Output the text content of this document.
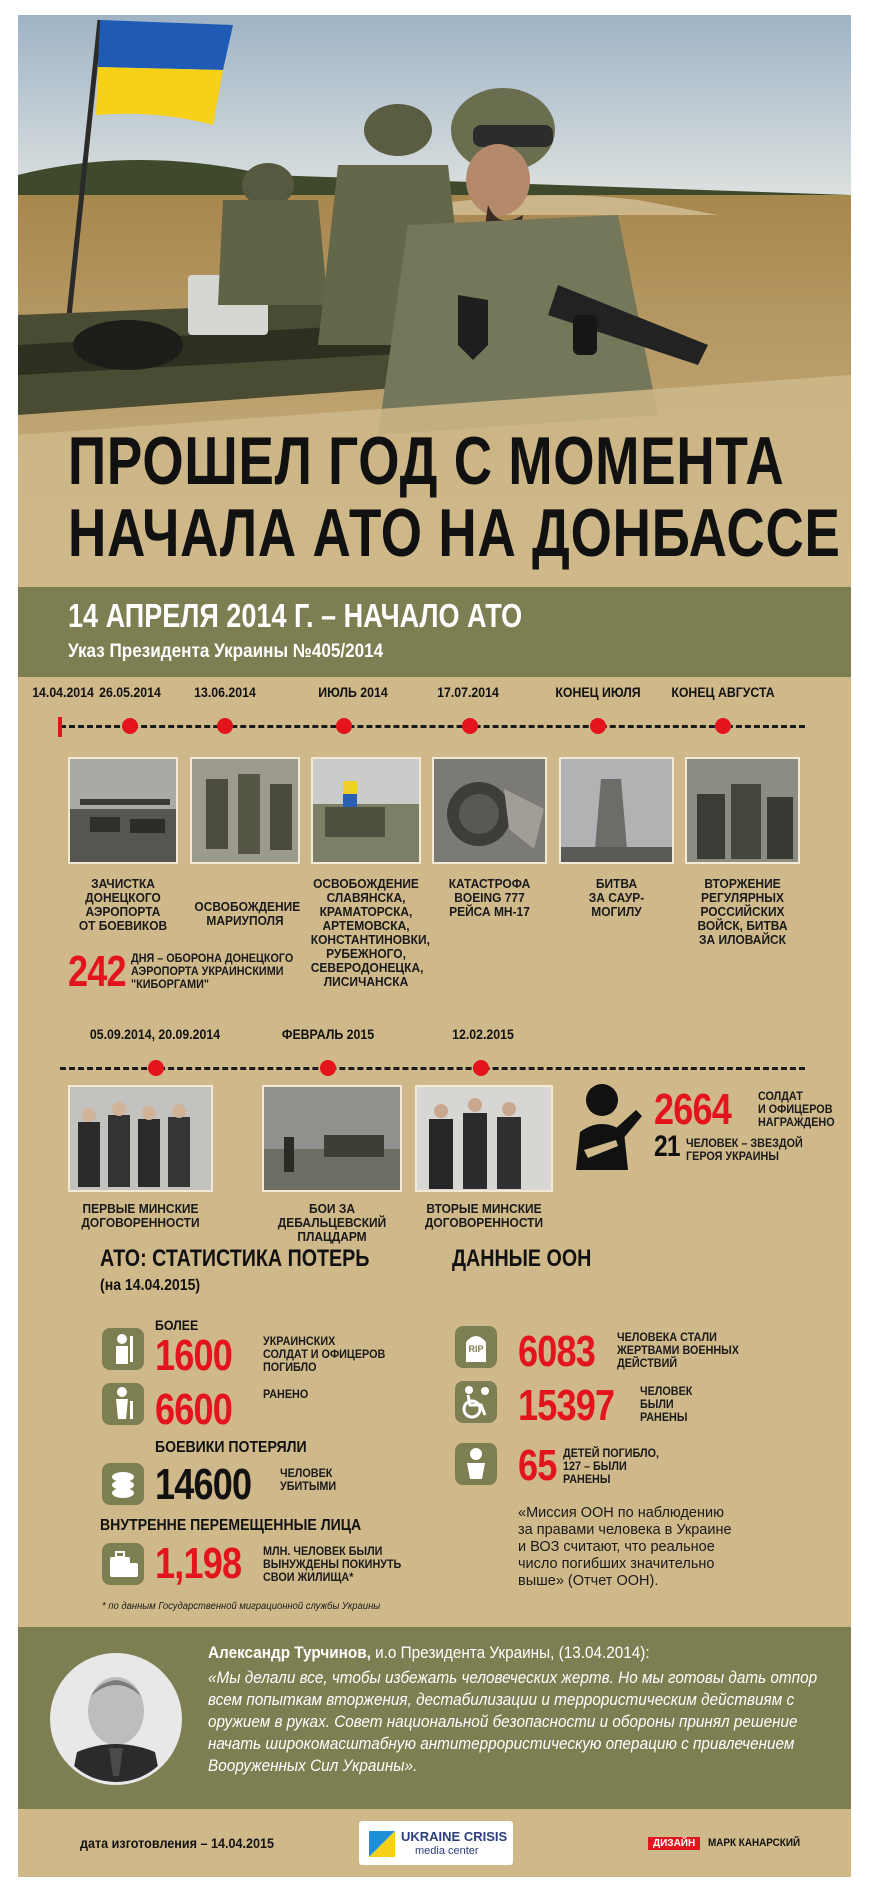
ПРОШЕЛ ГОД С МОМЕНТА
НАЧАЛА АТО НА ДОНБАССЕ
14 АПРЕЛЯ 2014 Г. – НАЧАЛО АТО
Указ Президента Украины №405/2014
14.04.2014 26.05.2014	13.06.2014	ИЮЛЬ 2014	17.07.2014	КОНЕЦ ИЮЛЯ	КОНЕЦ АВГУСТА
ЗАЧИСТКА
ДОНЕЦКОГО
АЭРОПОРТА
ОТ БОЕВИКОВ
ОСВОБОЖДЕНИЕ
МАРИУПОЛЯ
ОСВОБОЖДЕНИЕ
СЛАВЯНСКА,
КРАМАТОРСКА,
АРТЕМОВСКА,
КОНСТАНТИНОВКИ,
РУБЕЖНОГО,
СЕВЕРОДОНЕЦКА,
ЛИСИЧАНСКА
КАТАСТРОФА
BOEING 777
РЕЙСА МН-17
БИТВА
ЗА САУР-
МОГИЛУ
ВТОРЖЕНИЕ
РЕГУЛЯРНЫХ
РОССИЙСКИХ
ВОЙСК, БИТВА
ЗА ИЛОВАЙСК
242 ДНЯ – ОБОРОНА ДОНЕЦКОГО
АЭРОПОРТА УКРАИНСКИМИ
"КИБОРГАМИ"
05.09.2014, 20.09.2014	ФЕВРАЛЬ 2015	12.02.2015
ПЕРВЫЕ МИНСКИЕ
ДОГОВОРЕННОСТИ
БОИ ЗА ДЕБАЛЬЦЕВСКИЙ
ПЛАЦДАРМ
ВТОРЫЕ МИНСКИЕ
ДОГОВОРЕННОСТИ
2664 СОЛДАТ
И ОФИЦЕРОВ
НАГРАЖДЕНО
21 ЧЕЛОВЕК – ЗВЕЗДОЙ
ГЕРОЯ УКРАИНЫ
АТО: СТАТИСТИКА ПОТЕРЬ
(на 14.04.2015)
БОЛЕЕ
1600	УКРАИНСКИХ
СОЛДАТ И ОФИЦЕРОВ
ПОГИБЛО
6600	РАНЕНО
БОЕВИКИ ПОТЕРЯЛИ
14600 ЧЕЛОВЕК
УБИТЫМИ
ВНУТРЕННЕ ПЕРЕМЕЩЕННЫЕ ЛИЦА
1,198 МЛН. ЧЕЛОВЕК БЫЛИ
ВЫНУЖДЕНЫ ПОКИНУТЬ
СВОИ ЖИЛИЩА*
* по данным Государственной миграционной службы Украины
ДАННЫЕ ООН
RIP 6083 ЧЕЛОВЕКА СТАЛИ
ЖЕРТВАМИ ВОЕННЫХ
ДЕЙСТВИЙ
15397 ЧЕЛОВЕК
БЫЛИ
РАНЕНЫ
65 ДЕТЕЙ ПОГИБЛО,
127 – БЫЛИ
РАНЕНЫ
«Миссия ООН по наблюдению
за правами человека в Украине
и ВОЗ считают, что реальное
число погибших значительно
выше» (Отчет ООН).
Александр Турчинов, и.о Президента Украины, (13.04.2014):
«Мы делали все, чтобы избежать человеческих жертв. Но мы готовы дать отпор всем попыткам вторжения, дестабилизации и террористическим действиям с оружием в руках. Совет национальной безопасности и обороны принял решение начать широкомасштабную антитеррористическую операцию с привлечением Вооруженных Сил Украины».
дата изготовления – 14.04.2015	UKRAINE CRISIS
media center
ДИЗАЙН	МАРК КАНАРСКИЙ
